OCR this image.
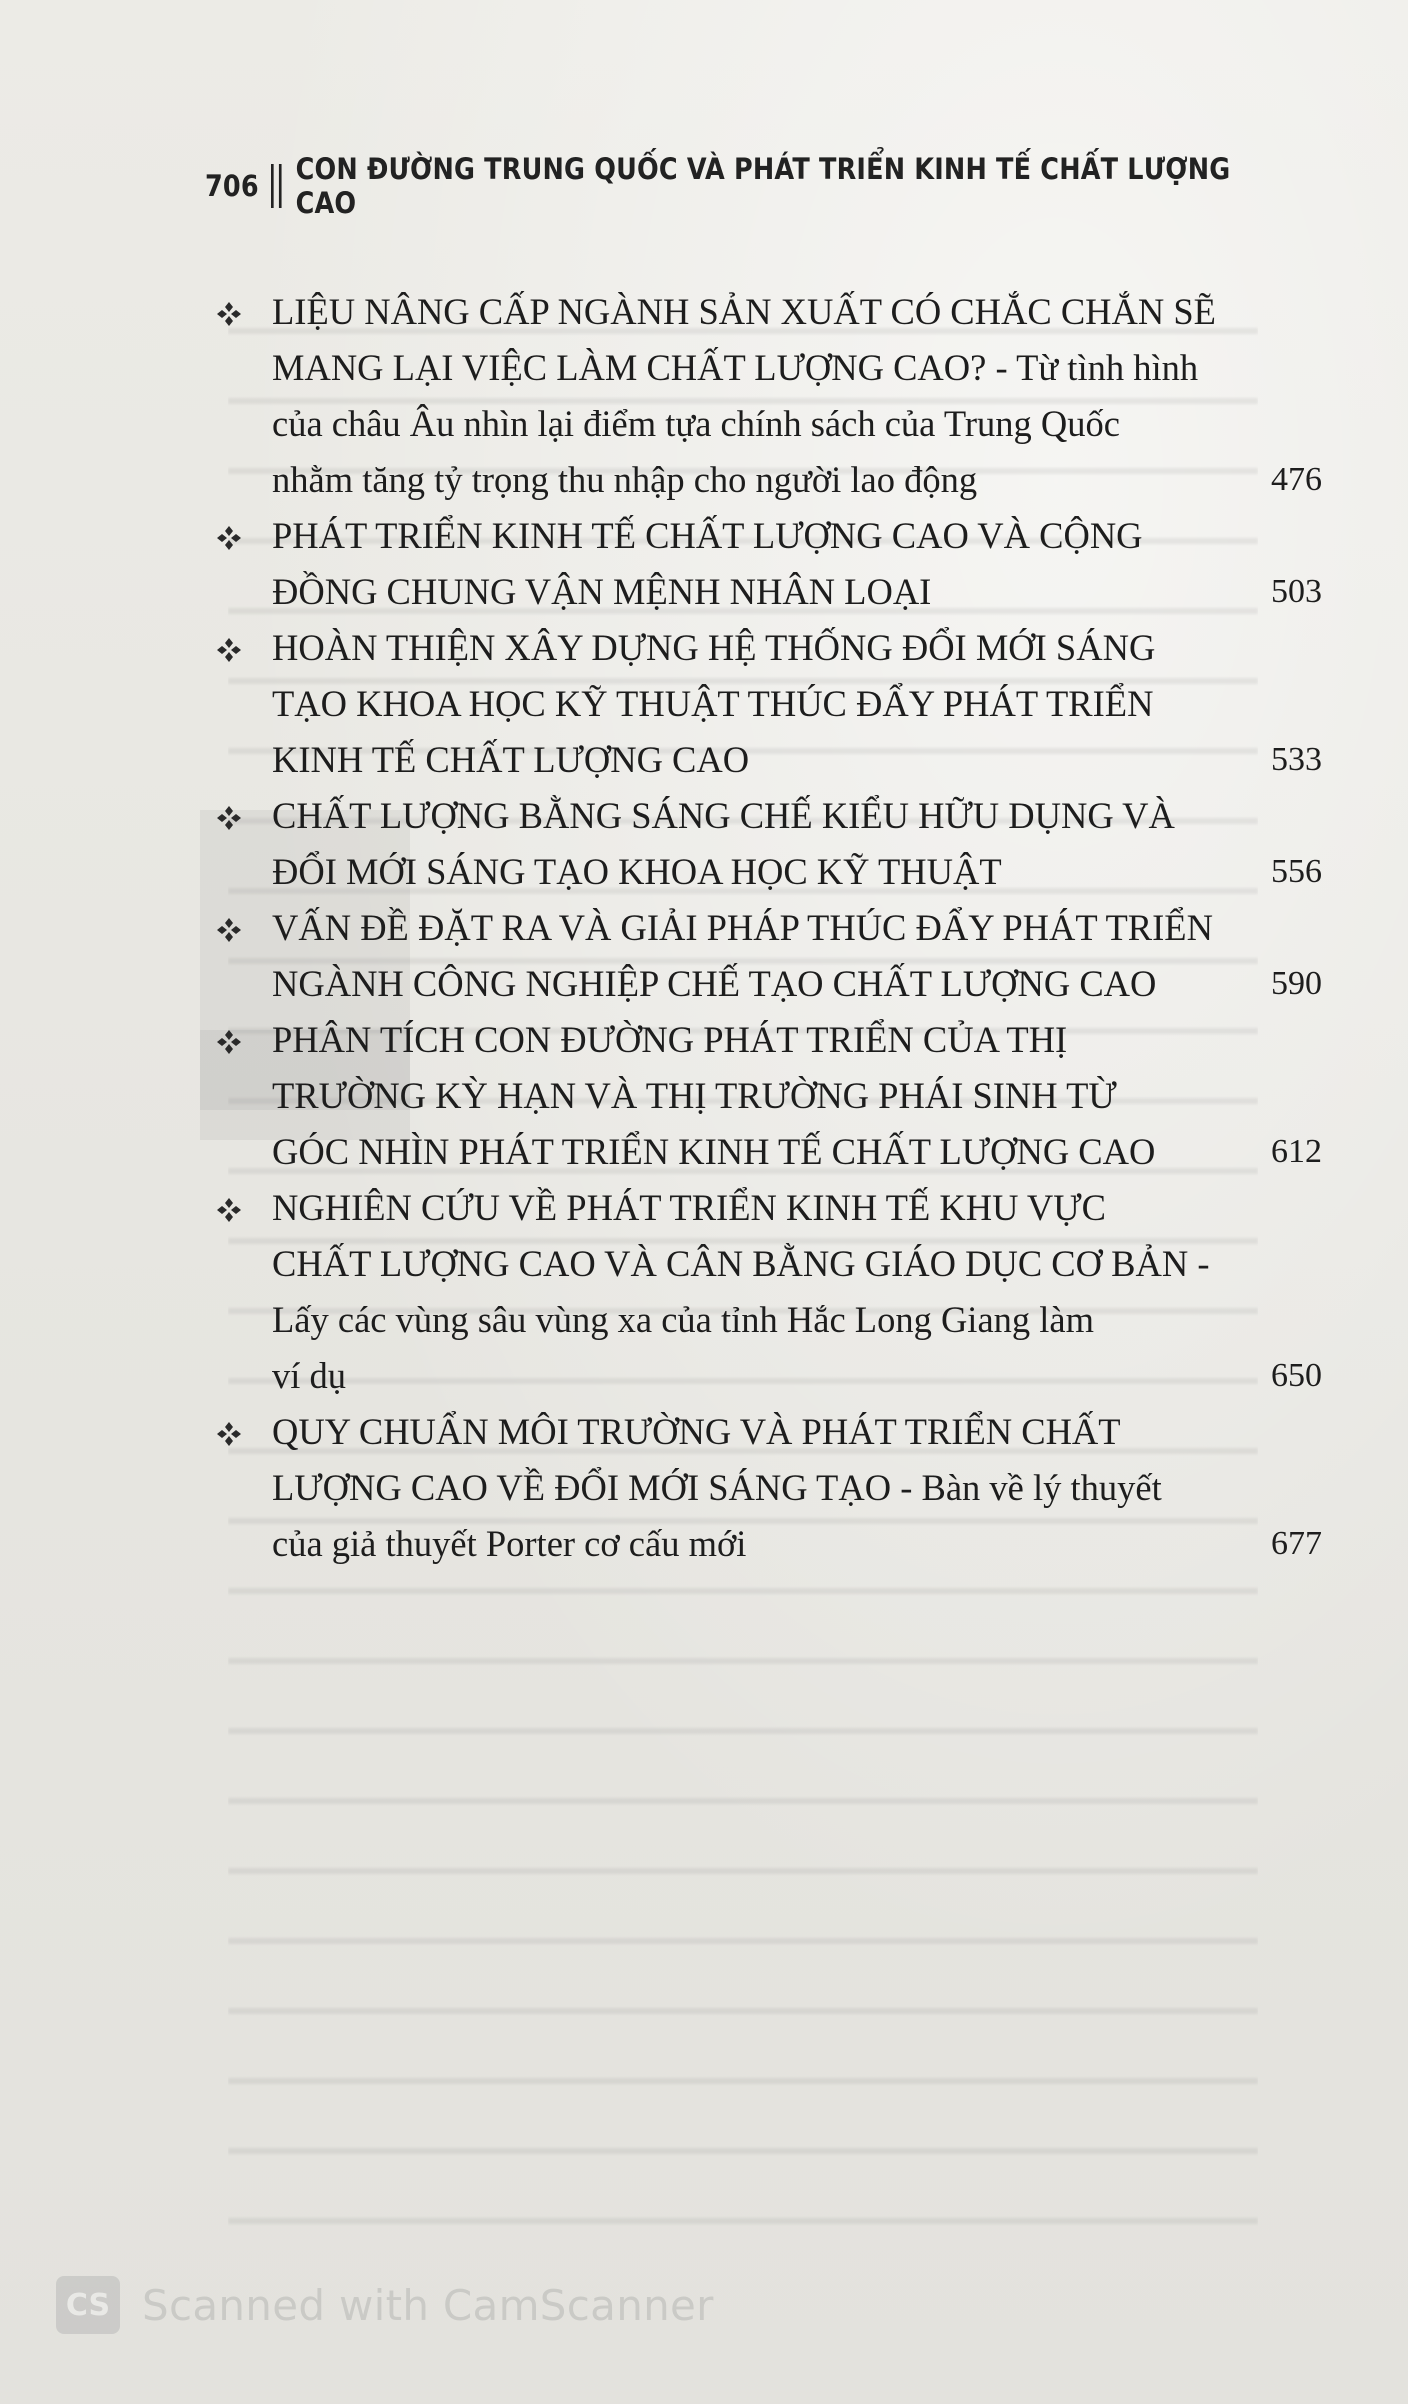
706 CON ĐƯỜNG TRUNG QUỐC VÀ PHÁT TRIỂN KINH TẾ CHẤT LƯỢNG CAO
LIỆU NÂNG CẤP NGÀNH SẢN XUẤT CÓ CHẮC CHẮN SẼ
MANG LẠI VIỆC LÀM CHẤT LƯỢNG CAO? - Từ tình hình
của châu Âu nhìn lại điểm tựa chính sách của Trung Quốc
nhằm tăng tỷ trọng thu nhập cho người lao động	476
PHÁT TRIỂN KINH TẾ CHẤT LƯỢNG CAO VÀ CỘNG
ĐỒNG CHUNG VẬN MỆNH NHÂN LOẠI	503
HOÀN THIỆN XÂY DỰNG HỆ THỐNG ĐỔI MỚI SÁNG
TẠO KHOA HỌC KỸ THUẬT THÚC ĐẨY PHÁT TRIỂN
KINH TẾ CHẤT LƯỢNG CAO	533
CHẤT LƯỢNG BẰNG SÁNG CHẾ KIỂU HỮU DỤNG VÀ
ĐỔI MỚI SÁNG TẠO KHOA HỌC KỸ THUẬT	556
VẤN ĐỀ ĐẶT RA VÀ GIẢI PHÁP THÚC ĐẨY PHÁT TRIỂN
NGÀNH CÔNG NGHIỆP CHẾ TẠO CHẤT LƯỢNG CAO	590
PHÂN TÍCH CON ĐƯỜNG PHÁT TRIỂN CỦA THỊ
TRƯỜNG KỲ HẠN VÀ THỊ TRƯỜNG PHÁI SINH TỪ
GÓC NHÌN PHÁT TRIỂN KINH TẾ CHẤT LƯỢNG CAO	612
NGHIÊN CỨU VỀ PHÁT TRIỂN KINH TẾ KHU VỰC
CHẤT LƯỢNG CAO VÀ CÂN BẰNG GIÁO DỤC CƠ BẢN -
Lấy các vùng sâu vùng xa của tỉnh Hắc Long Giang làm
ví dụ	650
QUY CHUẨN MÔI TRƯỜNG VÀ PHÁT TRIỂN CHẤT
LƯỢNG CAO VỀ ĐỔI MỚI SÁNG TẠO - Bàn về lý thuyết
của giả thuyết Porter cơ cấu mới	677
CS Scanned with CamScanner
